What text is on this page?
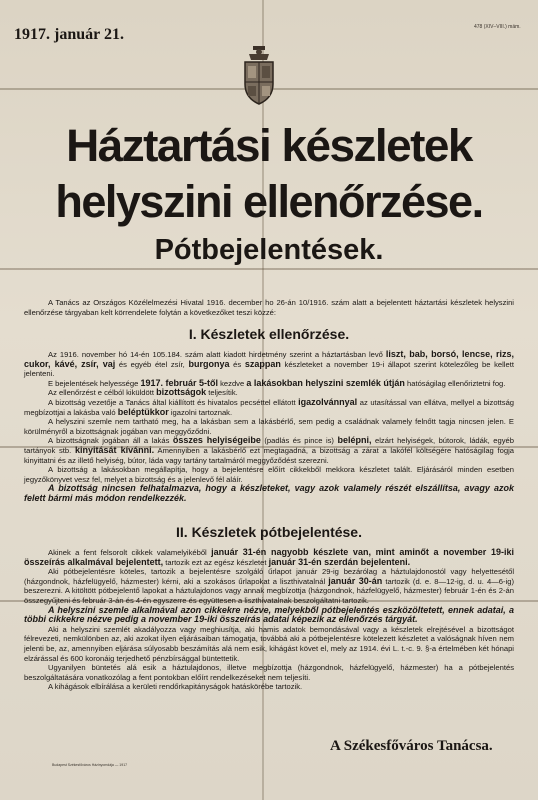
1917. január 21.	478 (XIV–VIII.) mám.
Háztartási készletek
helyszini ellenőrzése.
Pótbejelentések.

A Tanács az Országos Közélelmezési Hivatal 1916. december ho 26-án 10/1916. szám alatt a bejelentett háztartási készletek helyszini ellenőrzése tárgyaban kelt körrendelete folytán a következőket teszi közzé:

I. Készletek ellenőrzése.

Az 1916. november hó 14-én 105.184. szám alatt kiadott hirdetmény szerint a háztartásban levő liszt, bab, borsó, lencse, rizs, cukor, kávé, zsír, vaj és egyéb étel zsír, burgonya és szappan készleteket a november 19-i állapot szerint kötelezőleg be kellett jelenteni.

E bejelentések helyessége 1917. február 5-től kezdve a lakásokban helyszini szemlék útján hatóságilag ellenőriztetni fog.

Az ellenőrzést e célból kiküldött bizottságok teljesítik.

A bizottság vezetője a Tanács által kiállított és hivatalos pecséttel ellátott igazolvánnyal az utasítással van ellátva, mellyel a bizottság megbízottjai a lakásba való beléptükkor igazolni tartoznak.

A helyszini szemle nem tartható meg, ha a lakásban sem a lakásbérlő, sem pedig a családnak valamely felnőtt tagja nincsen jelen. E körülményről a bizottságnak jogában van meggyőződni.

A bizottságnak jogában áll a lakás összes helyiségeibe (padlás és pince is) belépni, elzárt helyiségek, bútorok, ládák, egyéb tartányok stb. kinyitását kívánni. Amennyiben a lakásbérlő ezt megtagadná, a bizottság a zárat a lakófél költségére hatóságilag fogja kinyittatni és az illető helyiség, bútor, láda vagy tartány tartalmáról meggyőződést szerezni.

A bizottság a lakásokban megállapítja, hogy a bejelentésre előírt cikkekből mekkora készletet talált. Eljárásáról minden esetben jegyzőkönyvet vesz fel, melyet a bizottság és a jelenlevő fél aláír.

A bizottság nincsen felhatalmazva, hogy a készleteket, vagy azok valamely részét elszállítsa, avagy azok felett bármi más módon rendelkezzék.

II. Készletek pótbejelentése.

Akinek a fent felsorolt cikkek valamelyikéből január 31-én nagyobb készlete van, mint aminőt a november 19-iki összeírás alkalmával bejelentett, tartozik ezt az egész készletet január 31-én szerdán bejelenteni.

Aki pótbejelentésre köteles, tartozik a bejelentésre szolgáló űrlapot január 29-ig bezárólag a háztulajdonostól vagy helyettesétől (házgondnok, házfelügyelő, házmester) kérni, aki a szokásos űrlapokat a liszthivatalnál január 30-án tartozik (d. e. 8—12-ig, d. u. 4—6-ig) beszerezni. A kitöltött pótbejelentő lapokat a háztulajdonos vagy annak megbízottja (házgondnok, házfelügyelő, házmester) február 1-én és 2-án összegyűjteni és február 3-án és 4-én egyszerre és együttesen a liszthivatalnak beszolgáltatni tartozik.

A helyszini szemle alkalmával azon cikkekre nézve, melyekből pótbejelentés eszközöltetett, ennek adatai, a többi cikkekre nézve pedig a november 19-iki összeírás adatai képezik az ellenőrzés tárgyát.

Aki a helyszini szemlét akadályozza vagy meghiusítja, aki hamis adatok bemondásával vagy a készletek elrejtésével a bizottságot félrevezeti, nemkülönben az, aki azokat ilyen eljárásaiban támogatja, továbbá aki a pótbejelentésre kötelezett készletet a valóságnak híven nem jelenti be, az, amennyiben eljárása súlyosabb beszámítás alá nem esik, kihágást követ el, mely az 1914. évi L. t.-c. 9. §-a értelmében két hónapi elzárással és 600 koronáig terjedhető pénzbírsággal büntettetik.

Ugyanilyen büntetés alá esik a háztulajdonos, illetve megbízottja (házgondnok, házfelügyelő, házmester) ha a pótbejelentés beszolgáltatására vonatkozólag a fent pontokban előírt rendelkezéseket nem teljesíti.

A kihágások elbírálása a kerületi rendőrkapitányságok hatáskörébe tartozik.

A Székesfőváros Tanácsa.
Budapest Székesfőváros Házinyomdája — 1917
